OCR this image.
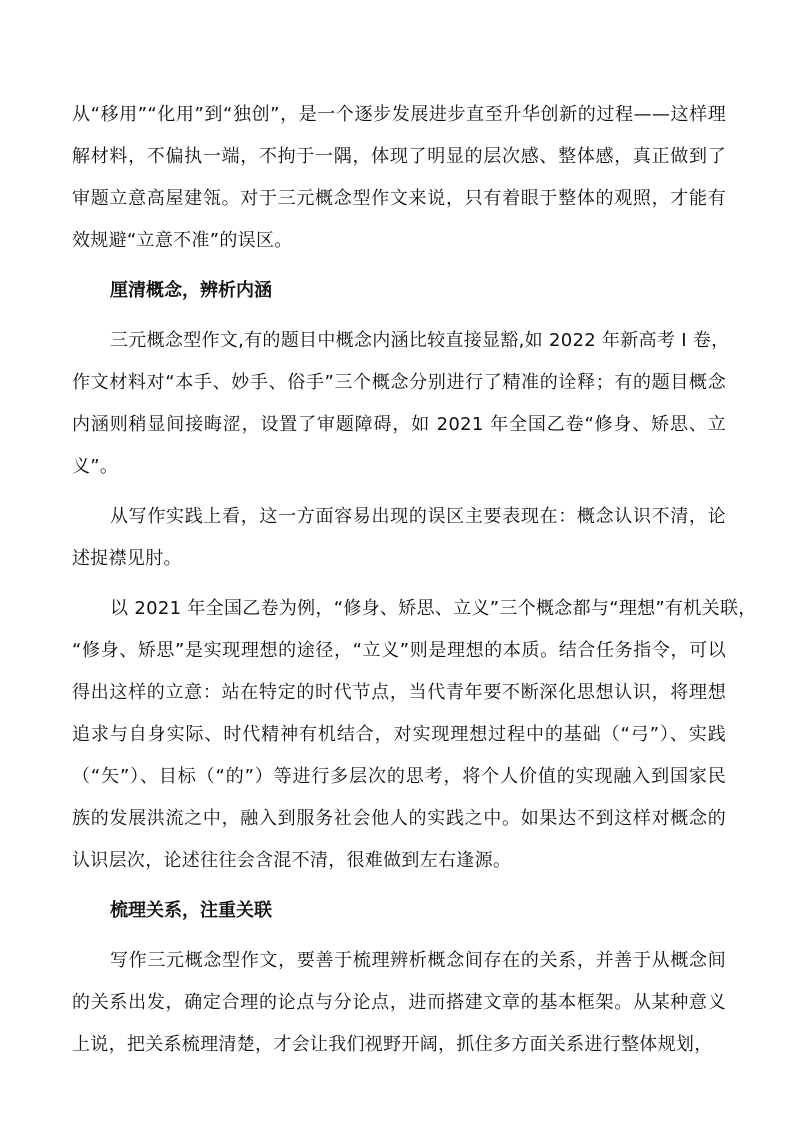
从“移用”“化用”到“独创”，是一个逐步发展进步直至升华创新的过程——这样理
解材料，不偏执一端，不拘于一隅，体现了明显的层次感、整体感，真正做到了
审题立意高屋建瓴。对于三元概念型作文来说，只有着眼于整体的观照，才能有
效规避“立意不准”的误区。
厘清概念，辨析内涵
三元概念型作文,有的题目中概念内涵比较直接显豁,如 2022 年新高考 I 卷，
作文材料对“本手、妙手、俗手”三个概念分别进行了精准的诠释；有的题目概念
内涵则稍显间接晦涩，设置了审题障碍，如 2021 年全国乙卷“修身、矫思、立
义”。
从写作实践上看，这一方面容易出现的误区主要表现在：概念认识不清，论
述捉襟见肘。
以 2021 年全国乙卷为例，“修身、矫思、立义”三个概念都与“理想”有机关联，
“修身、矫思”是实现理想的途径，“立义”则是理想的本质。结合任务指令，可以
得出这样的立意：站在特定的时代节点，当代青年要不断深化思想认识，将理想
追求与自身实际、时代精神有机结合，对实现理想过程中的基础（“弓”）、实践
（“矢”）、目标（“的”）等进行多层次的思考，将个人价值的实现融入到国家民
族的发展洪流之中，融入到服务社会他人的实践之中。如果达不到这样对概念的
认识层次，论述往往会含混不清，很难做到左右逢源。
梳理关系，注重关联
写作三元概念型作文，要善于梳理辨析概念间存在的关系，并善于从概念间
的关系出发，确定合理的论点与分论点，进而搭建文章的基本框架。从某种意义
上说，把关系梳理清楚，才会让我们视野开阔，抓住多方面关系进行整体规划，
